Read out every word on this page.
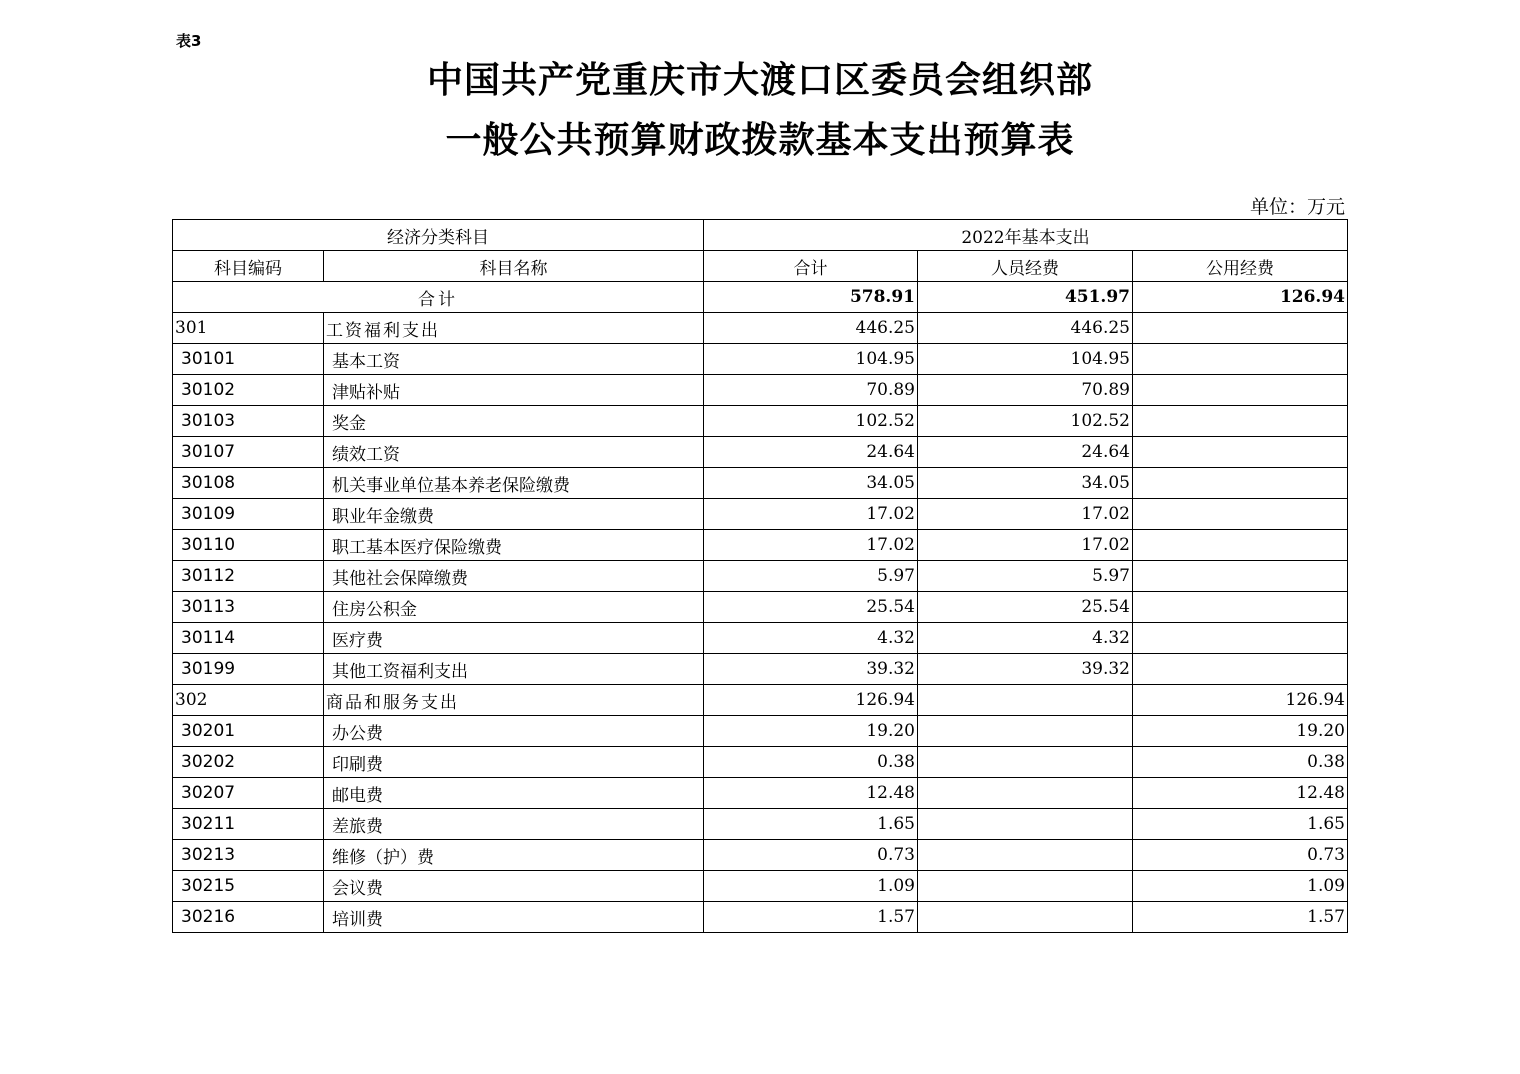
表3
中国共产党重庆市大渡口区委员会组织部
一般公共预算财政拨款基本支出预算表
单位：万元
经济分类科目		2022年基本支出		
科目编码	科目名称	合计	人员经费	公用经费
合计		578.91	451.97	126.94
301	工资福利支出	446.25	446.25	
30101	基本工资	104.95	104.95	
30102	津贴补贴	70.89	70.89	
30103	奖金	102.52	102.52	
30107	绩效工资	24.64	24.64	
30108	机关事业单位基本养老保险缴费	34.05	34.05	
30109	职业年金缴费	17.02	17.02	
30110	职工基本医疗保险缴费	17.02	17.02	
30112	其他社会保障缴费	5.97	5.97	
30113	住房公积金	25.54	25.54	
30114	医疗费	4.32	4.32	
30199	其他工资福利支出	39.32	39.32	
302	商品和服务支出	126.94		126.94
30201	办公费	19.20		19.20
30202	印刷费	0.38		0.38
30207	邮电费	12.48		12.48
30211	差旅费	1.65		1.65
30213	维修（护）费	0.73		0.73
30215	会议费	1.09		1.09
30216	培训费	1.57		1.57
